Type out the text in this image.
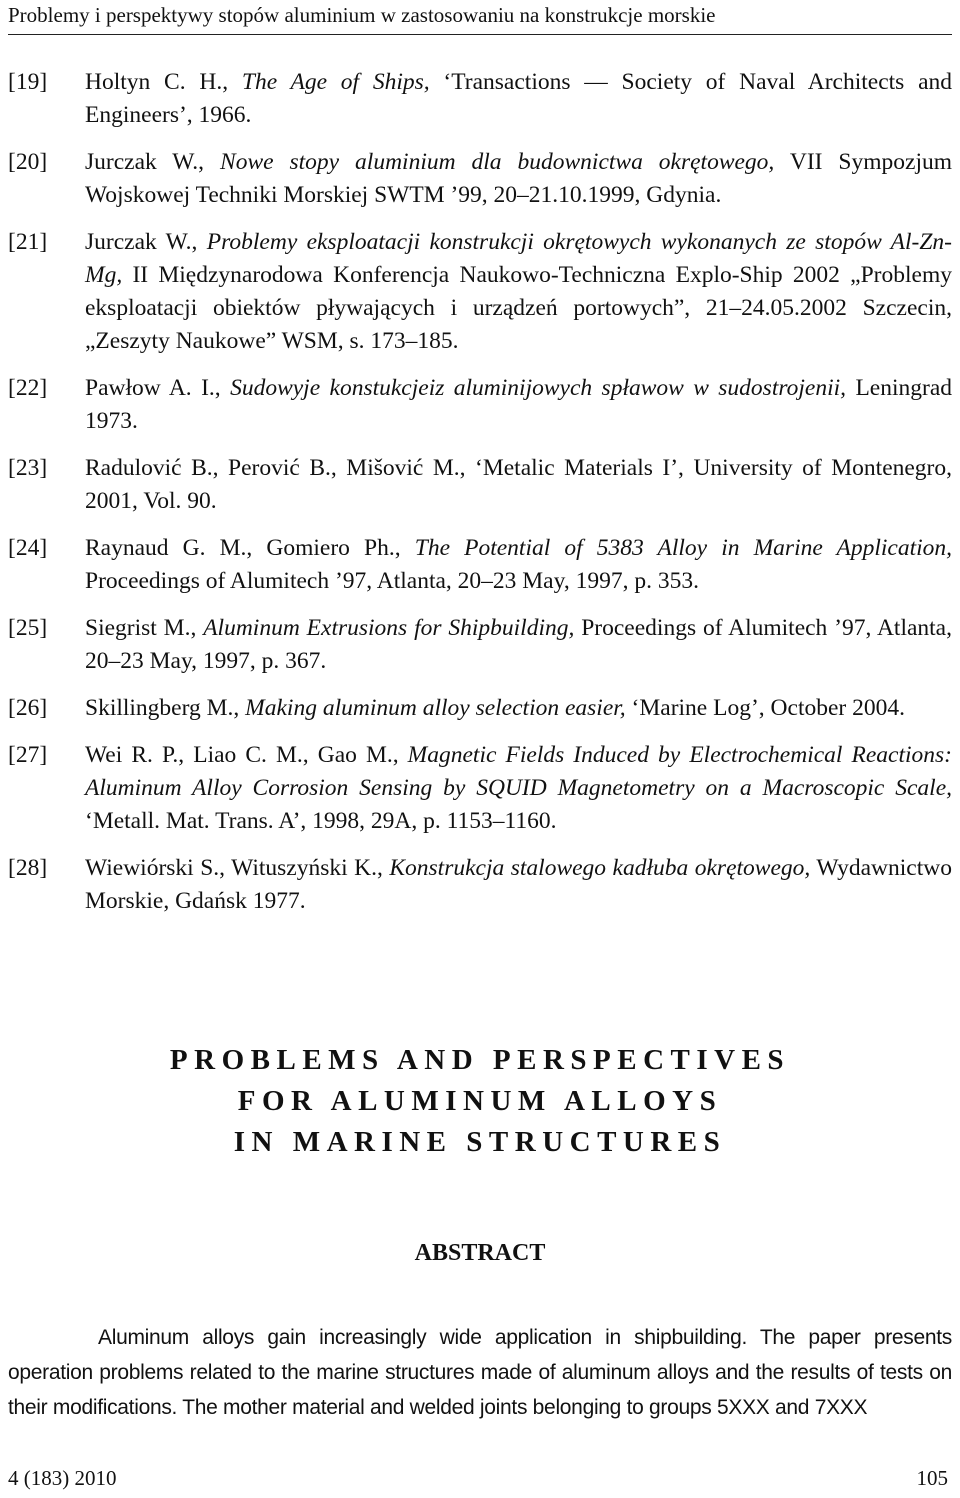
Problemy i perspektywy stopów aluminium w zastosowaniu na konstrukcje morskie
[19]	Holtyn C. H., The Age of Ships, ‘Transactions — Society of Naval Architects and Engineers’, 1966.
[20]	Jurczak W., Nowe stopy aluminium dla budownictwa okrętowego, VII Sympozjum Wojskowej Techniki Morskiej SWTM ’99, 20–21.10.1999, Gdynia.
[21]	Jurczak W., Problemy eksploatacji konstrukcji okrętowych wykonanych ze stopów Al-Zn-Mg, II Międzynarodowa Konferencja Naukowo-Techniczna Explo-Ship 2002 „Problemy eksploatacji obiektów pływających i urządzeń portowych”, 21–24.05.2002 Szczecin, „Zeszyty Naukowe” WSM, s. 173–185.
[22]	Pawłow A. I., Sudowyje konstukcjeiz aluminijowych spławow w sudostrojenii, Leningrad 1973.
[23]	Radulović B., Perović B., Mišović M., ‘Metalic Materials I’, University of Montenegro, 2001, Vol. 90.
[24]	Raynaud G. M., Gomiero Ph., The Potential of 5383 Alloy in Marine Application, Proceedings of Alumitech ’97, Atlanta, 20–23 May, 1997, p. 353.
[25]	Siegrist M., Aluminum Extrusions for Shipbuilding, Proceedings of Alumitech ’97, Atlanta, 20–23 May, 1997, p. 367.
[26]	Skillingberg M., Making aluminum alloy selection easier, ‘Marine Log’, October 2004.
[27]	Wei R. P., Liao C. M., Gao M., Magnetic Fields Induced by Electrochemical Reactions: Aluminum Alloy Corrosion Sensing by SQUID Magnetometry on a Macroscopic Scale, ‘Metall. Mat. Trans. A’, 1998, 29A, p. 1153–1160.
[28]	Wiewiórski S., Wituszyński K., Konstrukcja stalowego kadłuba okrętowego, Wydawnictwo Morskie, Gdańsk 1977.
PROBLEMS AND PERSPECTIVES
FOR ALUMINUM ALLOYS
IN MARINE STRUCTURES
ABSTRACT
Aluminum alloys gain increasingly wide application in shipbuilding. The paper presents operation problems related to the marine structures made of aluminum alloys and the results of tests on their modifications. The mother material and welded joints belonging to groups 5XXX and 7XXX
4 (183) 2010	105
